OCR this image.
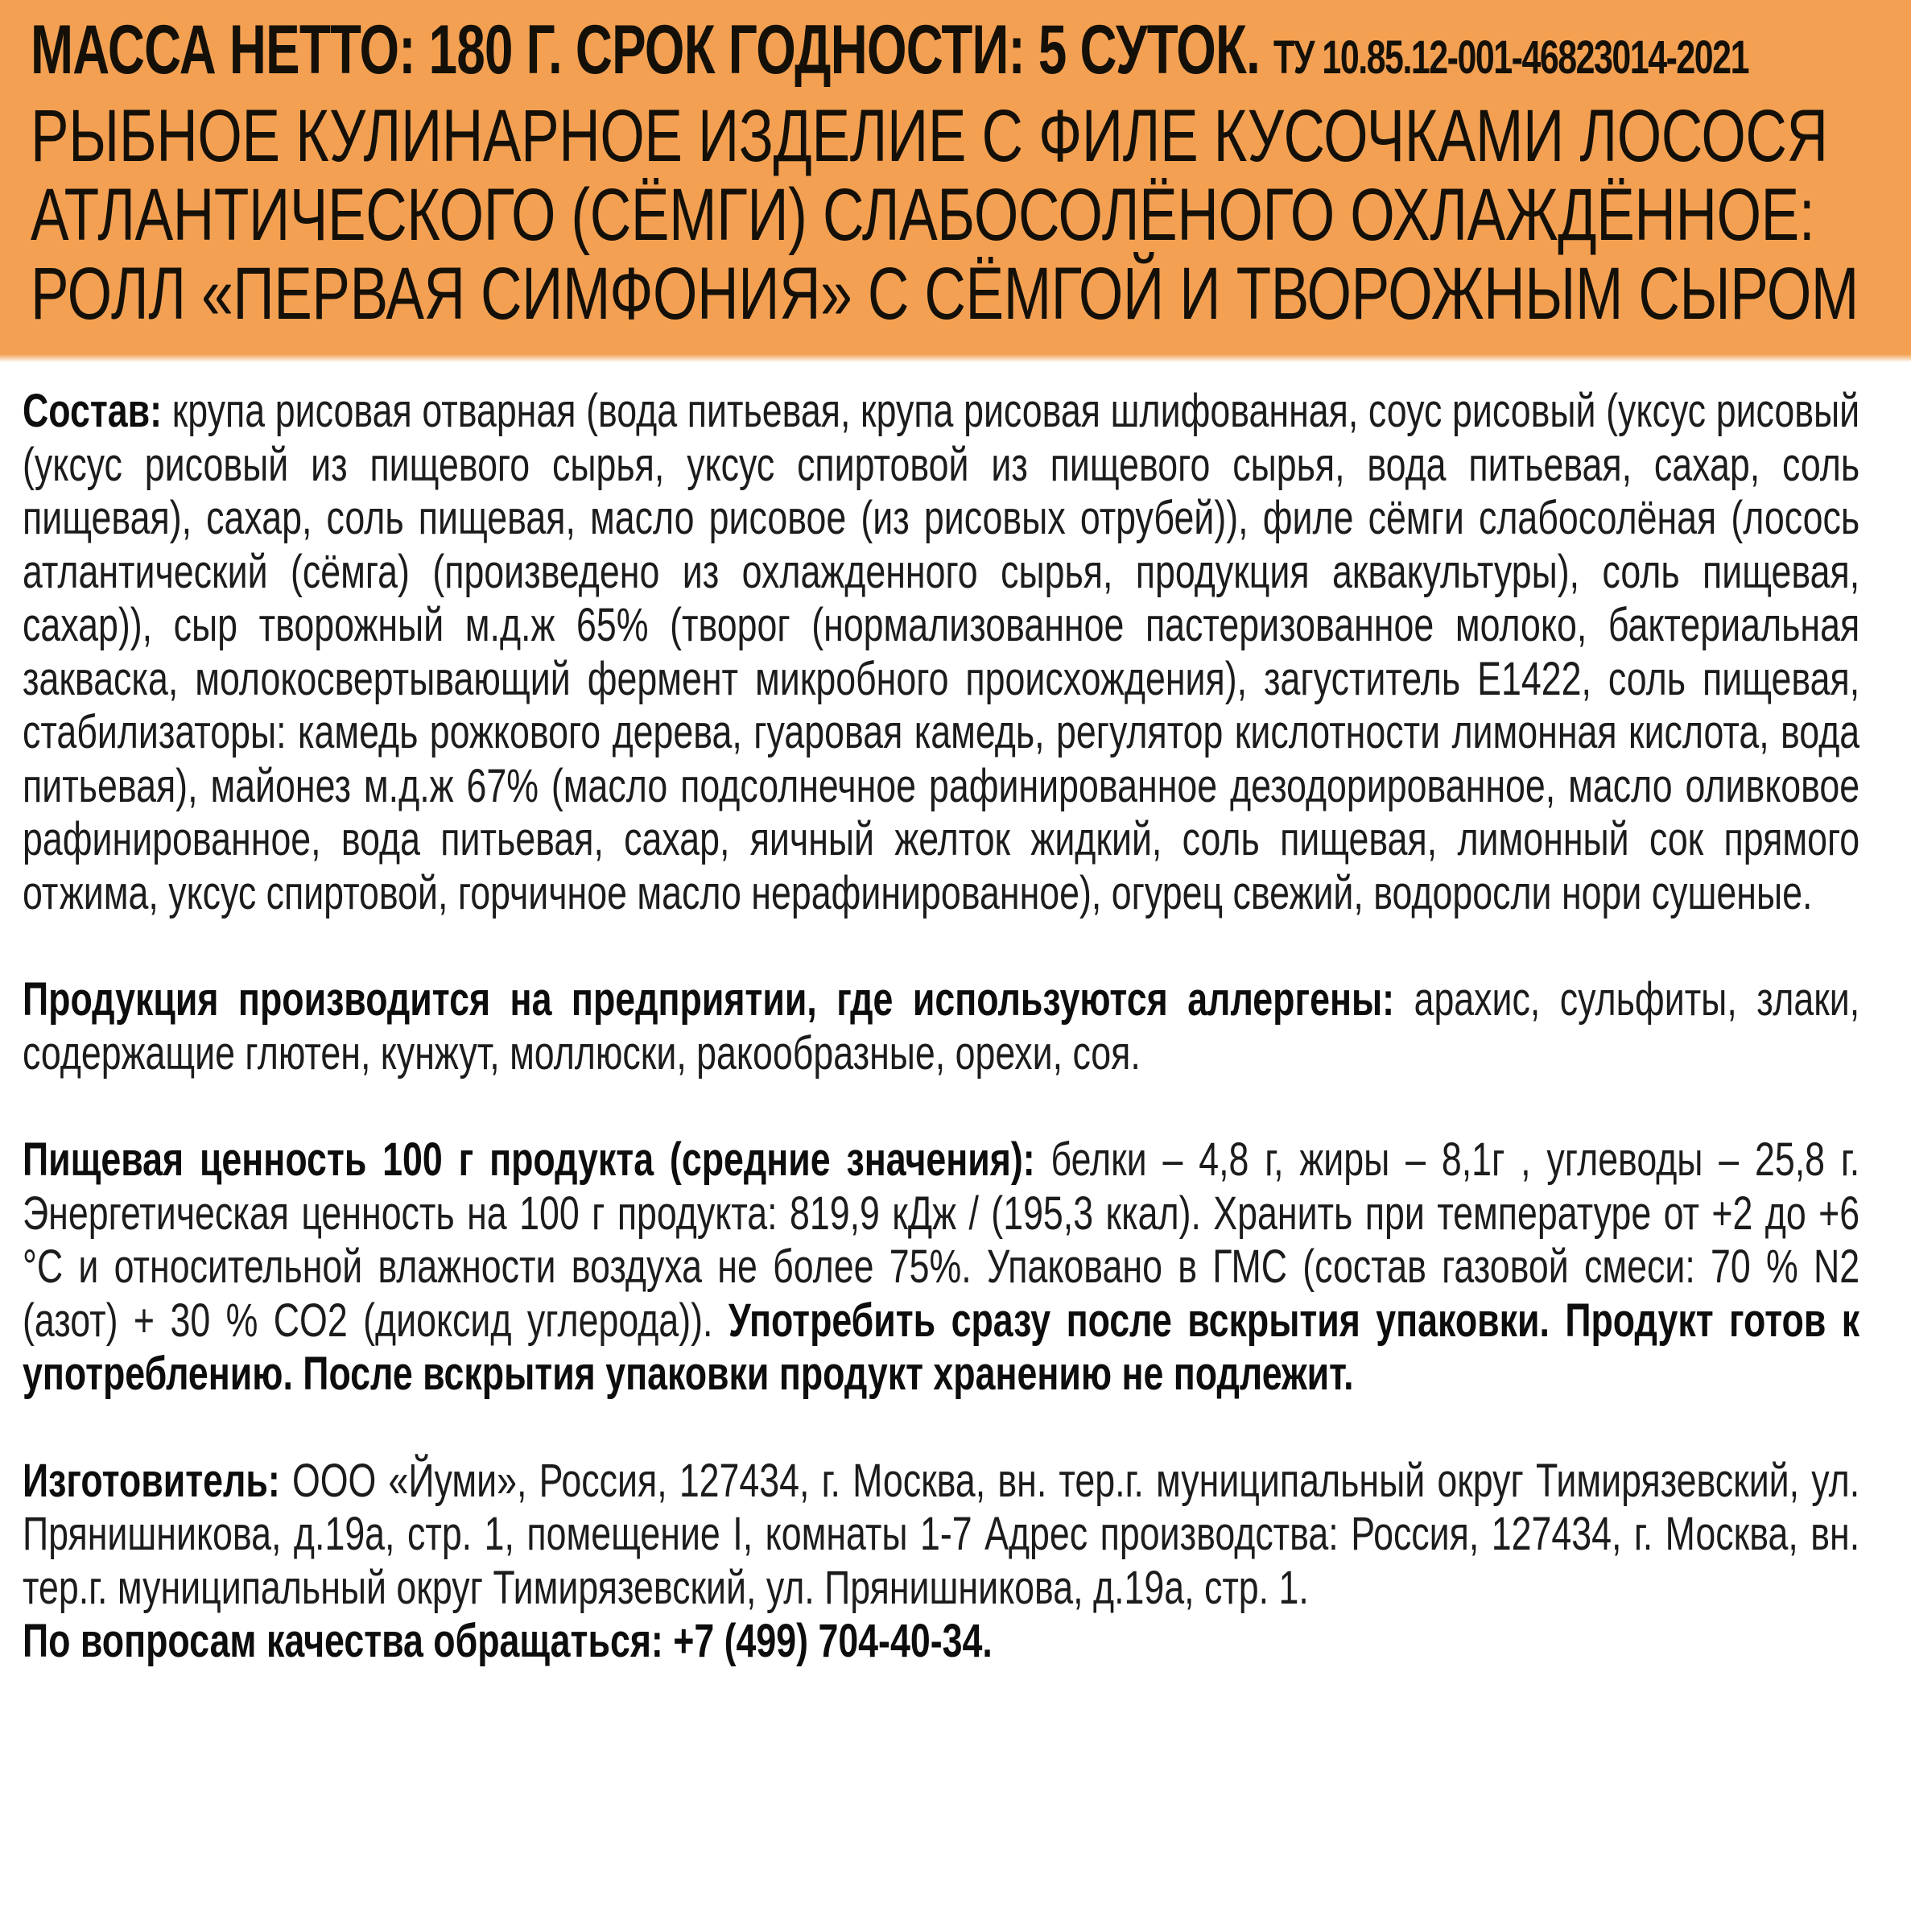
МАССА НЕТТО: 180 Г. СРОК ГОДНОСТИ: 5 СУТОК. ТУ 10.85.12-001-46823014-2021
РЫБНОЕ КУЛИНАРНОЕ ИЗДЕЛИЕ С ФИЛЕ КУСОЧКАМИ ЛОСОСЯ
АТЛАНТИЧЕСКОГО (СЁМГИ) СЛАБОСОЛЁНОГО ОХЛАЖДЁННОЕ:
РОЛЛ «ПЕРВАЯ СИМФОНИЯ» С СЁМГОЙ И ТВОРОЖНЫМ СЫРОМ

Состав: крупа рисовая отварная (вода питьевая, крупа рисовая шлифованная, соус рисовый (уксус рисовый (уксус рисовый из пищевого сырья, уксус спиртовой из пищевого сырья, вода питьевая, сахар, соль пищевая), сахар, соль пищевая, масло рисовое (из рисовых отрубей)), филе сёмги слабосолёная (лосось атлантический (сёмга) (произведено из охлажденного сырья, продукция аквакультуры), соль пищевая, сахар)), сыр творожный м.д.ж 65% (творог (нормализованное пастеризованное молоко, бактериальная закваска, молокосвертывающий фермент микробного происхождения), загуститель Е1422, соль пищевая, стабилизаторы: камедь рожкового дерева, гуаровая камедь, регулятор кислотности лимонная кислота, вода питьевая), майонез м.д.ж 67% (масло подсолнечное рафинированное дезодорированное, масло оливковое рафинированное, вода питьевая, сахар, яичный желток жидкий, соль пищевая, лимонный сок прямого отжима, уксус спиртовой, горчичное масло нерафинированное), огурец свежий, водоросли нори сушеные.

Продукция производится на предприятии, где используются аллергены: арахис, сульфиты, злаки, содержащие глютен, кунжут, моллюски, ракообразные, орехи, соя.

Пищевая ценность 100 г продукта (средние значения): белки – 4,8 г, жиры – 8,1г , углеводы – 25,8 г. Энергетическая ценность на 100 г продукта: 819,9 кДж / (195,3 ккал). Хранить при температуре от +2 до +6 °С и относительной влажности воздуха не более 75%. Упаковано в ГМС (состав газовой смеси: 70 % N2 (азот) + 30 % CO2 (диоксид углерода)). Употребить сразу после вскрытия упаковки. Продукт готов к употреблению. После вскрытия упаковки продукт хранению не подлежит.

Изготовитель: ООО «Йуми», Россия, 127434, г. Москва, вн. тер.г. муниципальный округ Тимирязевский, ул. Прянишникова, д.19а, стр. 1, помещение I, комнаты 1-7 Адрес производства: Россия, 127434, г. Москва, вн. тер.г. муниципальный округ Тимирязевский, ул. Прянишникова, д.19а, стр. 1.

По вопросам качества обращаться: +7 (499) 704-40-34.
